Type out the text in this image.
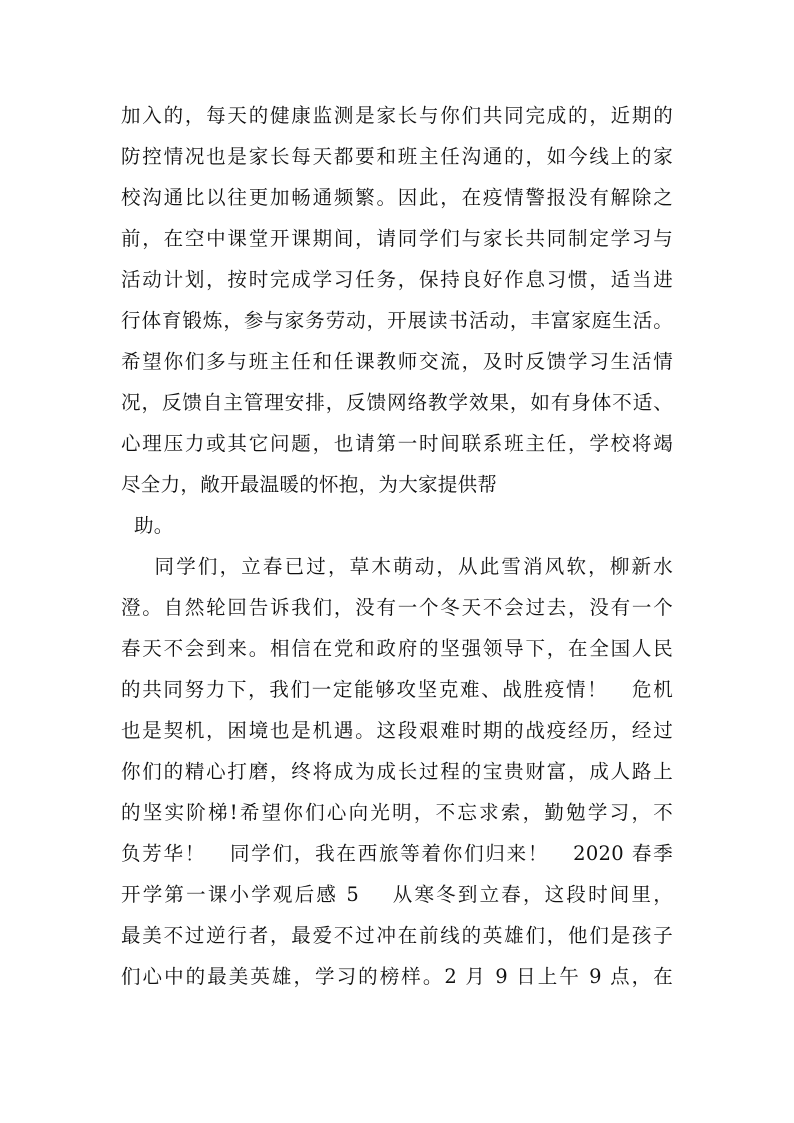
加入的，每天的健康监测是家长与你们共同完成的，近期的
防控情况也是家长每天都要和班主任沟通的，如今线上的家
校沟通比以往更加畅通频繁。因此，在疫情警报没有解除之
前，在空中课堂开课期间，请同学们与家长共同制定学习与
活动计划，按时完成学习任务，保持良好作息习惯，适当进
行体育锻炼，参与家务劳动，开展读书活动，丰富家庭生活。
希望你们多与班主任和任课教师交流，及时反馈学习生活情
况，反馈自主管理安排，反馈网络教学效果，如有身体不适、
心理压力或其它问题，也请第一时间联系班主任，学校将竭
尽全力，敞开最温暖的怀抱，为大家提供帮
助。
同学们，立春已过，草木萌动，从此雪消风软，柳新水
澄。自然轮回告诉我们，没有一个冬天不会过去，没有一个
春天不会到来。相信在党和政府的坚强领导下，在全国人民
的共同努力下，我们一定能够攻坚克难、战胜疫情！   危机
也是契机，困境也是机遇。这段艰难时期的战疫经历，经过
你们的精心打磨，终将成为成长过程的宝贵财富，成人路上
的坚实阶梯!希望你们心向光明，不忘求索，勤勉学习，不
负芳华！   同学们，我在西旅等着你们归来！   2020 春季
开学第一课小学观后感 5    从寒冬到立春，这段时间里，
最美不过逆行者，最爱不过冲在前线的英雄们，他们是孩子
们心中的最美英雄，学习的榜样。2 月 9 日上午 9 点，在
